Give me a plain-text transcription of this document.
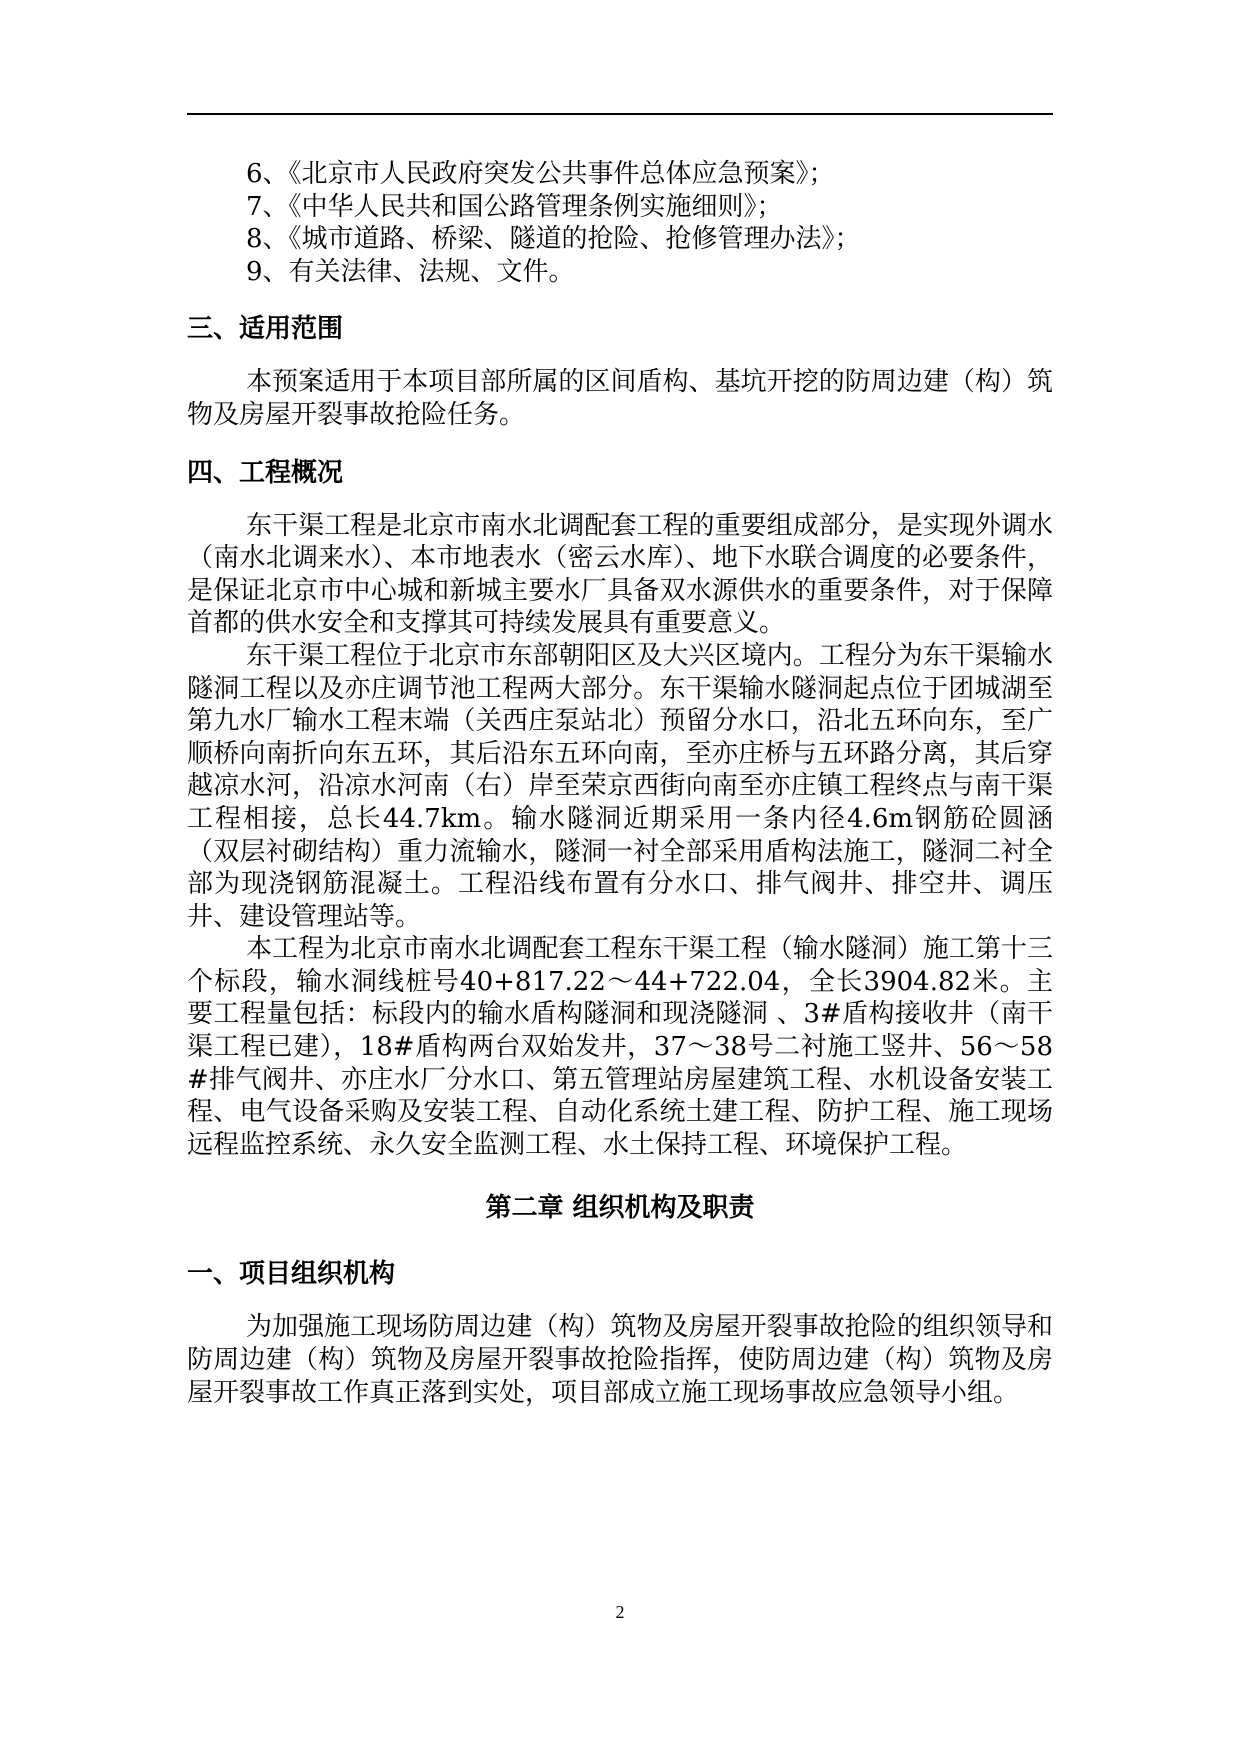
6、《北京市人民政府突发公共事件总体应急预案》；

7、《中华人民共和国公路管理条例实施细则》；

8、《城市道路、桥梁、隧道的抢险、抢修管理办法》；

9、有关法律、法规、文件。

三、适用范围

本预案适用于本项目部所属的区间盾构、基坑开挖的防周边建（构）筑物及房屋开裂事故抢险任务。

四、工程概况

东干渠工程是北京市南水北调配套工程的重要组成部分，是实现外调水（南水北调来水）、本市地表水（密云水库）、地下水联合调度的必要条件，是保证北京市中心城和新城主要水厂具备双水源供水的重要条件，对于保障首都的供水安全和支撑其可持续发展具有重要意义。

东干渠工程位于北京市东部朝阳区及大兴区境内。工程分为东干渠输水隧洞工程以及亦庄调节池工程两大部分。东干渠输水隧洞起点位于团城湖至第九水厂输水工程末端（关西庄泵站北）预留分水口，沿北五环向东，至广顺桥向南折向东五环，其后沿东五环向南，至亦庄桥与五环路分离，其后穿越凉水河，沿凉水河南（右）岸至荣京西街向南至亦庄镇工程终点与南干渠工程相接，总长44.7km。输水隧洞近期采用一条内径4.6m钢筋砼圆涵（双层衬砌结构）重力流输水，隧洞一衬全部采用盾构法施工，隧洞二衬全部为现浇钢筋混凝土。工程沿线布置有分水口、排气阀井、排空井、调压井、建设管理站等。

本工程为北京市南水北调配套工程东干渠工程（输水隧洞）施工第十三个标段，输水洞线桩号40+817.22～44+722.04，全长3904.82米。主要工程量包括：标段内的输水盾构隧洞和现浇隧洞 、3#盾构接收井（南干渠工程已建），18#盾构两台双始发井，37～38号二衬施工竖井、56～58#排气阀井、亦庄水厂分水口、第五管理站房屋建筑工程、水机设备安装工程、电气设备采购及安装工程、自动化系统土建工程、防护工程、施工现场远程监控系统、永久安全监测工程、水土保持工程、环境保护工程。

第二章 组织机构及职责
一、项目组织机构

为加强施工现场防周边建（构）筑物及房屋开裂事故抢险的组织领导和防周边建（构）筑物及房屋开裂事故抢险指挥，使防周边建（构）筑物及房屋开裂事故工作真正落到实处，项目部成立施工现场事故应急领导小组。

2
